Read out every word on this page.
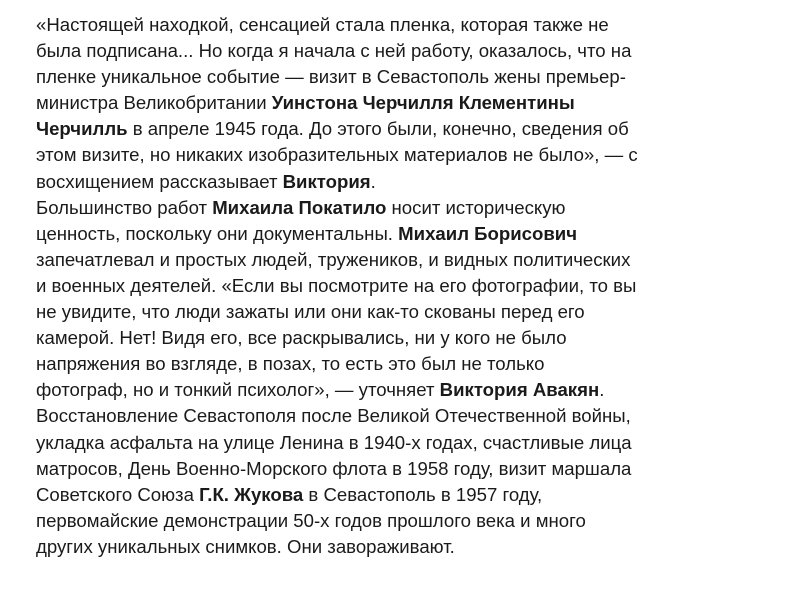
«Настоящей находкой, сенсацией стала пленка, которая также не
была подписана... Но когда я начала с ней работу, оказалось, что на
пленке уникальное событие — визит в Севастополь жены премьер-
министра Великобритании Уинстона Черчилля Клементины
Черчилль в апреле 1945 года. До этого были, конечно, сведения об
этом визите, но никаких изобразительных материалов не было», — с
восхищением рассказывает Виктория.

Большинство работ Михаила Покатило носит историческую
ценность, поскольку они документальны. Михаил Борисович
запечатлевал и простых людей, тружеников, и видных политических
и военных деятелей. «Если вы посмотрите на его фотографии, то вы
не увидите, что люди зажаты или они как-то скованы перед его
камерой. Нет! Видя его, все раскрывались, ни у кого не было
напряжения во взгляде, в позах, то есть это был не только
фотограф, но и тонкий психолог», — уточняет Виктория Авакян.

Восстановление Севастополя после Великой Отечественной войны,
укладка асфальта на улице Ленина в 1940-х годах, счастливые лица
матросов, День Военно-Морского флота в 1958 году, визит маршала
Советского Союза Г.К. Жукова в Севастополь в 1957 году,
первомайские демонстрации 50-х годов прошлого века и много
других уникальных снимков. Они завораживают.
